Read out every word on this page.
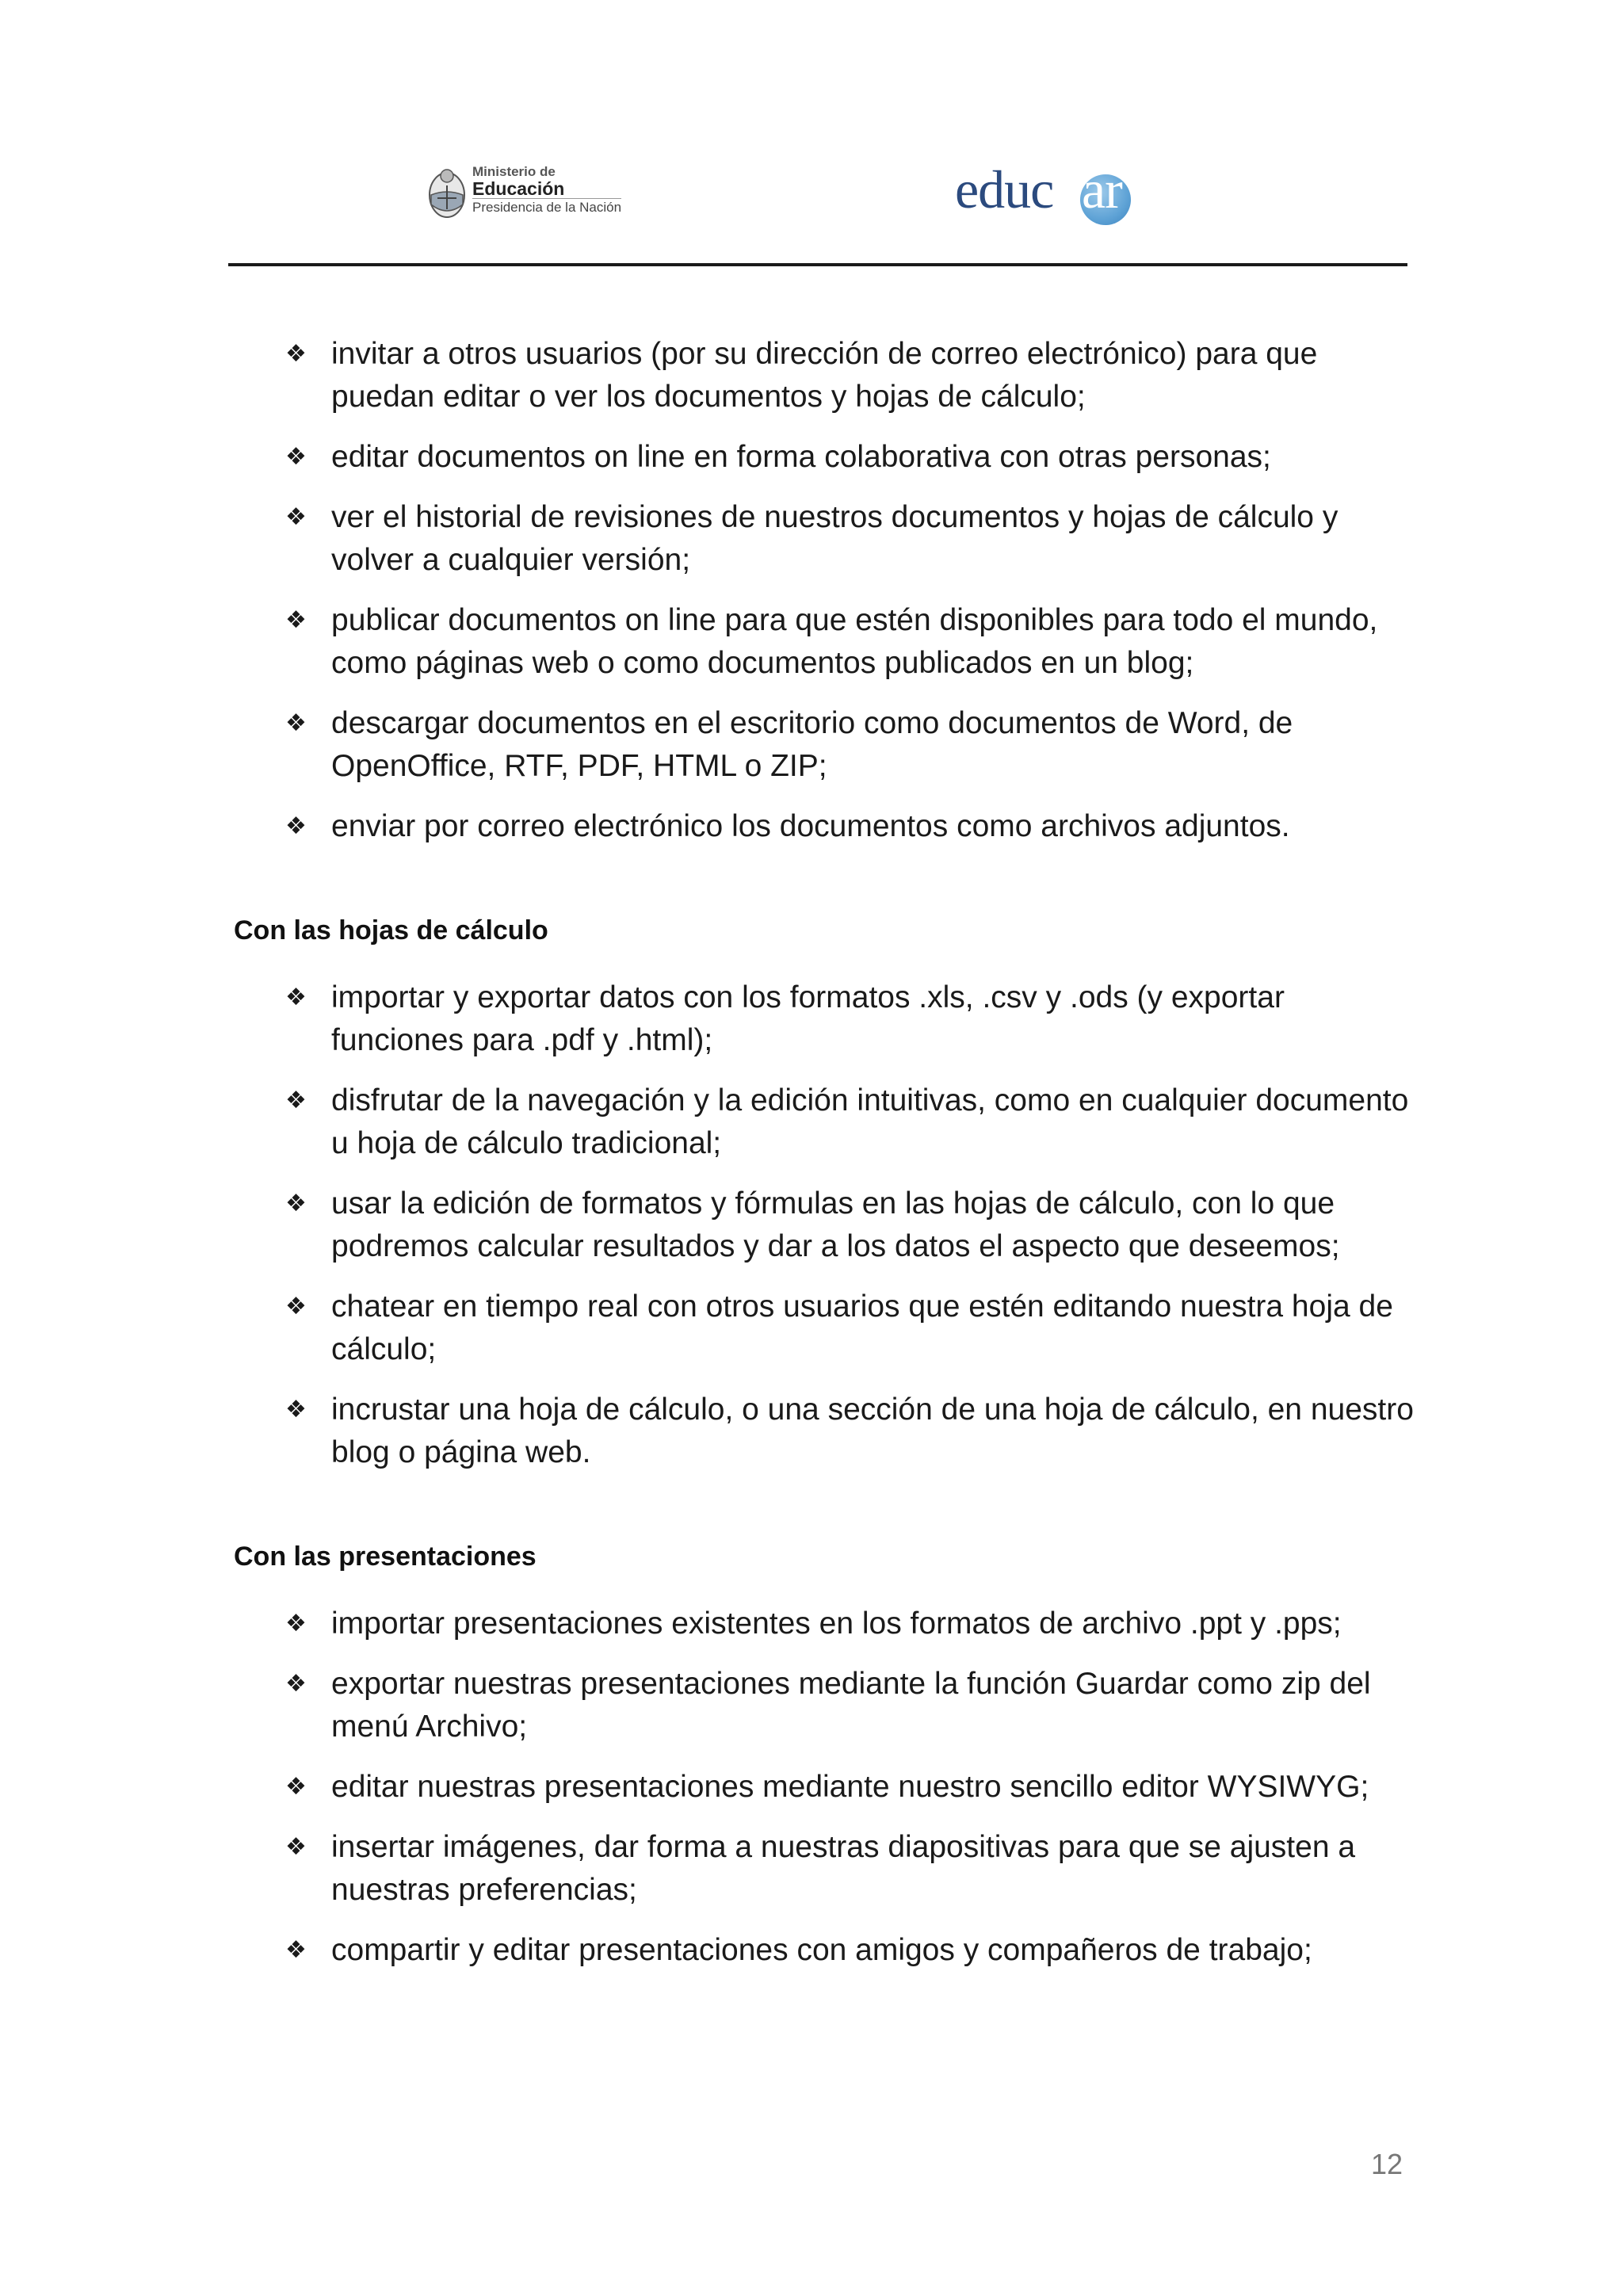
Ministerio de
Educación
Presidencia de la Nación	educ ar
❖ invitar a otros usuarios (por su dirección de correo electrónico) para que puedan editar o ver los documentos y hojas de cálculo;
❖ editar documentos on line en forma colaborativa con otras personas;
❖ ver el historial de revisiones de nuestros documentos y hojas de cálculo y volver a cualquier versión;
❖ publicar documentos on line para que estén disponibles para todo el mundo, como páginas web o como documentos publicados en un blog;
❖ descargar documentos en el escritorio como documentos de Word, de OpenOffice, RTF, PDF, HTML o ZIP;
❖ enviar por correo electrónico los documentos como archivos adjuntos.
Con las hojas de cálculo
❖ importar y exportar datos con los formatos .xls, .csv y .ods (y exportar funciones para .pdf y .html);
❖ disfrutar de la navegación y la edición intuitivas, como en cualquier documento u hoja de cálculo tradicional;
❖ usar la edición de formatos y fórmulas en las hojas de cálculo, con lo que podremos calcular resultados y dar a los datos el aspecto que deseemos;
❖ chatear en tiempo real con otros usuarios que estén editando nuestra hoja de cálculo;
❖ incrustar una hoja de cálculo, o una sección de una hoja de cálculo, en nuestro blog o página web.
Con las presentaciones
❖ importar presentaciones existentes en los formatos de archivo .ppt y .pps;
❖ exportar nuestras presentaciones mediante la función Guardar como zip del menú Archivo;
❖ editar nuestras presentaciones mediante nuestro sencillo editor WYSIWYG;
❖ insertar imágenes, dar forma a nuestras diapositivas para que se ajusten a nuestras preferencias;
❖ compartir y editar presentaciones con amigos y compañeros de trabajo;
12
